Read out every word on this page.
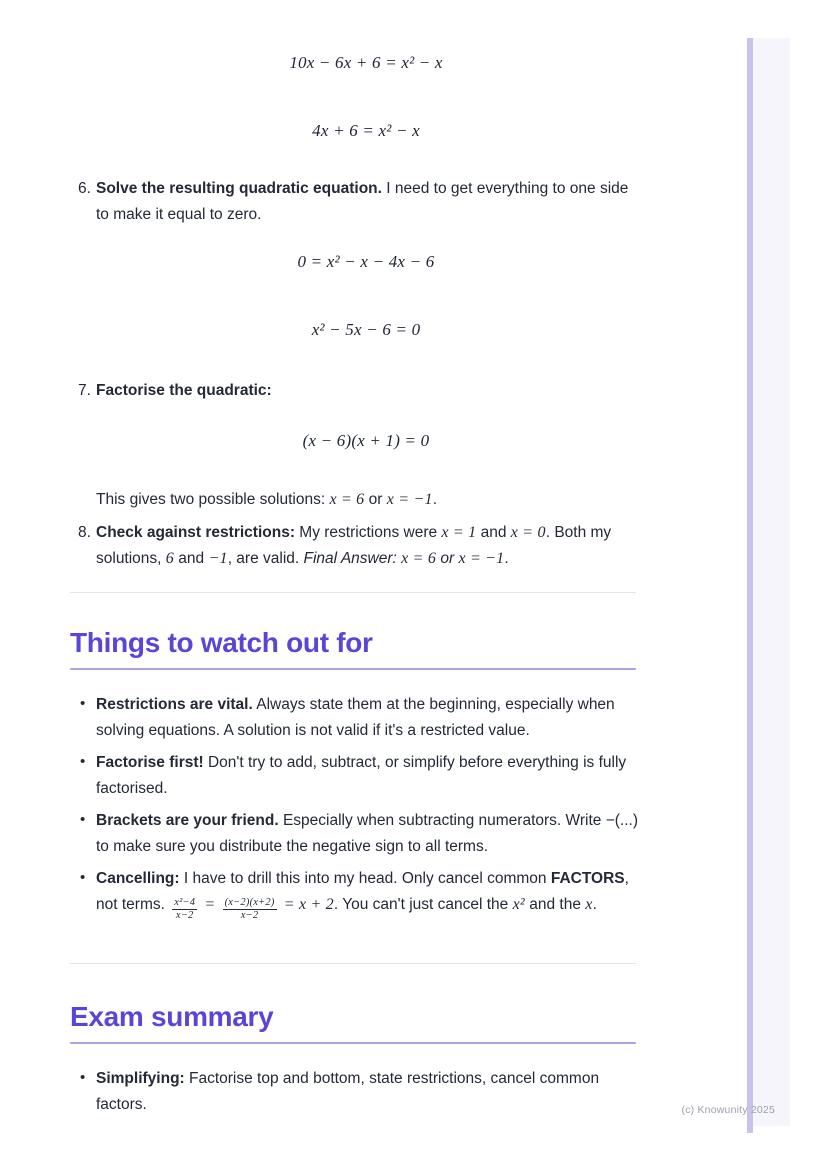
10x − 6x + 6 = x² − x
4x + 6 = x² − x
6. Solve the resulting quadratic equation. I need to get everything to one side to make it equal to zero.
0 = x² − x − 4x − 6
x² − 5x − 6 = 0
7. Factorise the quadratic:
(x − 6)(x + 1) = 0
This gives two possible solutions: x = 6 or x = −1.
8. Check against restrictions: My restrictions were x = 1 and x = 0. Both my solutions, 6 and −1, are valid. Final Answer: x = 6 or x = −1.
Things to watch out for
• Restrictions are vital. Always state them at the beginning, especially when solving equations. A solution is not valid if it's a restricted value.
• Factorise first! Don't try to add, subtract, or simplify before everything is fully factorised.
• Brackets are your friend. Especially when subtracting numerators. Write −(...) to make sure you distribute the negative sign to all terms.
• Cancelling: I have to drill this into my head. Only cancel common FACTORS, not terms. $\frac{\text{x²−4}}{x-2} = \frac{(x-2)(x+2)}{x-2} = x + 2$. You can't just cancel the x² and the x.
Exam summary
• Simplifying: Factorise top and bottom, state restrictions, cancel common factors.	(c) Knowunity 2025
